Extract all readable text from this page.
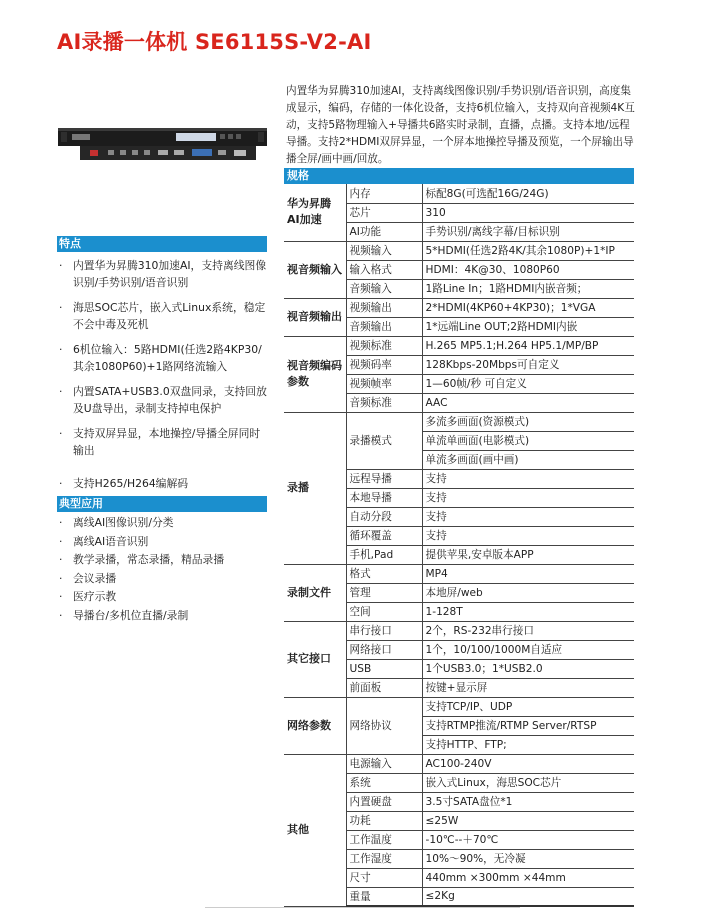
AI录播一体机 SE6115S-V2-AI
内置华为昇腾310加速AI，支持离线图像识别/手势识别/语音识别，高度集成显示，编码，存储的一体化设备，支持6机位输入，支持双向音视频4K互动，支持5路物理输入+导播共6路实时录制，直播，点播。支持本地/远程导播。支持2*HDMI双屏异显，一个屏本地操控导播及预览，一个屏输出导播全屏/画中画/回放。
特点
· 内置华为昇腾310加速AI，支持离线图像识别/手势识别/语音识别
· 海思SOC芯片，嵌入式Linux系统，稳定不会中毒及死机
· 6机位输入：5路HDMI(任选2路4KP30/其余1080P60)+1路网络流输入
· 内置SATA+USB3.0双盘同录，支持回放及U盘导出，录制支持掉电保护
· 支持双屏异显，本地操控/导播全屏同时输出
· 支持H265/H264编解码
典型应用
· 离线AI图像识别/分类
· 离线AI语音识别
· 教学录播，常态录播，精品录播
· 会议录播
· 医疗示教
· 导播台/多机位直播/录制
规格
华为昇腾AI加速	内存	标配8G(可选配16G/24G)
	芯片	310
	AI功能	手势识别/离线字幕/目标识别
视音频输入	视频输入	5*HDMI(任选2路4K/其余1080P)+1*IP
	输入格式	HDMI：4K@30、1080P60
	音频输入	1路Line In；1路HDMI内嵌音频；
视音频输出	视频输出	2*HDMI(4KP60+4KP30)；1*VGA
	音频输出	1*远端Line OUT;2路HDMI内嵌
视音频编码参数	视频标准	H.265 MP5.1;H.264 HP5.1/MP/BP
	视频码率	128Kbps-20Mbps可自定义
	视频帧率	1—60帧/秒 可自定义
	音频标准	AAC
录播	录播模式	多流多画面(资源模式)
		单流单画面(电影模式)
		单流多画面(画中画)
	远程导播	支持
	本地导播	支持
	自动分段	支持
	循环覆盖	支持
	手机,Pad	提供苹果,安卓版本APP
录制文件	格式	MP4
	管理	本地屏/web
	空间	1-128T
其它接口	串行接口	2个，RS-232串行接口
	网络接口	1个，10/100/1000M自适应
	USB	1个USB3.0；1*USB2.0
	前面板	按键+显示屏
网络参数	网络协议	支持TCP/IP、UDP
		支持RTMP推流/RTMP Server/RTSP
		支持HTTP、FTP;
其他	电源输入	AC100-240V
	系统	嵌入式Linux，海思SOC芯片
	内置硬盘	3.5寸SATA盘位*1
	功耗	≤25W
	工作温度	-10℃--＋70℃
	工作湿度	10%～90%，无冷凝
	尺寸	440mm ×300mm ×44mm
	重量	≤2Kg
